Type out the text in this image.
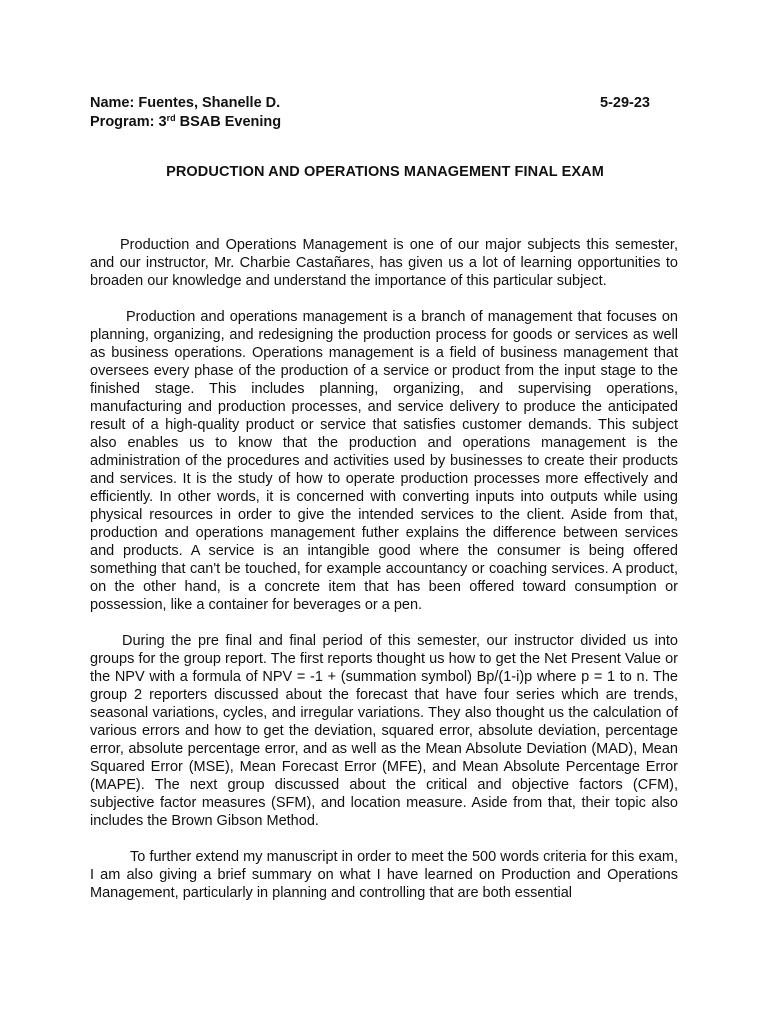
Name: Fuentes, Shanelle D.	5-29-23
Program: 3rd BSAB Evening
PRODUCTION AND OPERATIONS MANAGEMENT FINAL EXAM

Production and Operations Management is one of our major subjects this semester, and our instructor, Mr. Charbie Castañares, has given us a lot of learning opportunities to broaden our knowledge and understand the importance of this particular subject.

Production and operations management is a branch of management that focuses on planning, organizing, and redesigning the production process for goods or services as well as business operations. Operations management is a field of business management that oversees every phase of the production of a service or product from the input stage to the finished stage. This includes planning, organizing, and supervising operations, manufacturing and production processes, and service delivery to produce the anticipated result of a high-quality product or service that satisfies customer demands. This subject also enables us to know that the production and operations management is the administration of the procedures and activities used by businesses to create their products and services. It is the study of how to operate production processes more effectively and efficiently. In other words, it is concerned with converting inputs into outputs while using physical resources in order to give the intended services to the client. Aside from that, production and operations management futher explains the difference between services and products. A service is an intangible good where the consumer is being offered something that can't be touched, for example accountancy or coaching services. A product, on the other hand, is a concrete item that has been offered toward consumption or possession, like a container for beverages or a pen.

During the pre final and final period of this semester, our instructor divided us into groups for the group report. The first reports thought us how to get the Net Present Value or the NPV with a formula of NPV = -1 + (summation symbol) Bp/(1-i)p where p = 1 to n. The group 2 reporters discussed about the forecast that have four series which are trends, seasonal variations, cycles, and irregular variations. They also thought us the calculation of various errors and how to get the deviation, squared error, absolute deviation, percentage error, absolute percentage error, and as well as the Mean Absolute Deviation (MAD), Mean Squared Error (MSE), Mean Forecast Error (MFE), and Mean Absolute Percentage Error (MAPE). The next group discussed about the critical and objective factors (CFM), subjective factor measures (SFM), and location measure. Aside from that, their topic also includes the Brown Gibson Method.

To further extend my manuscript in order to meet the 500 words criteria for this exam, I am also giving a brief summary on what I have learned on Production and Operations Management, particularly in planning and controlling that are both essential
